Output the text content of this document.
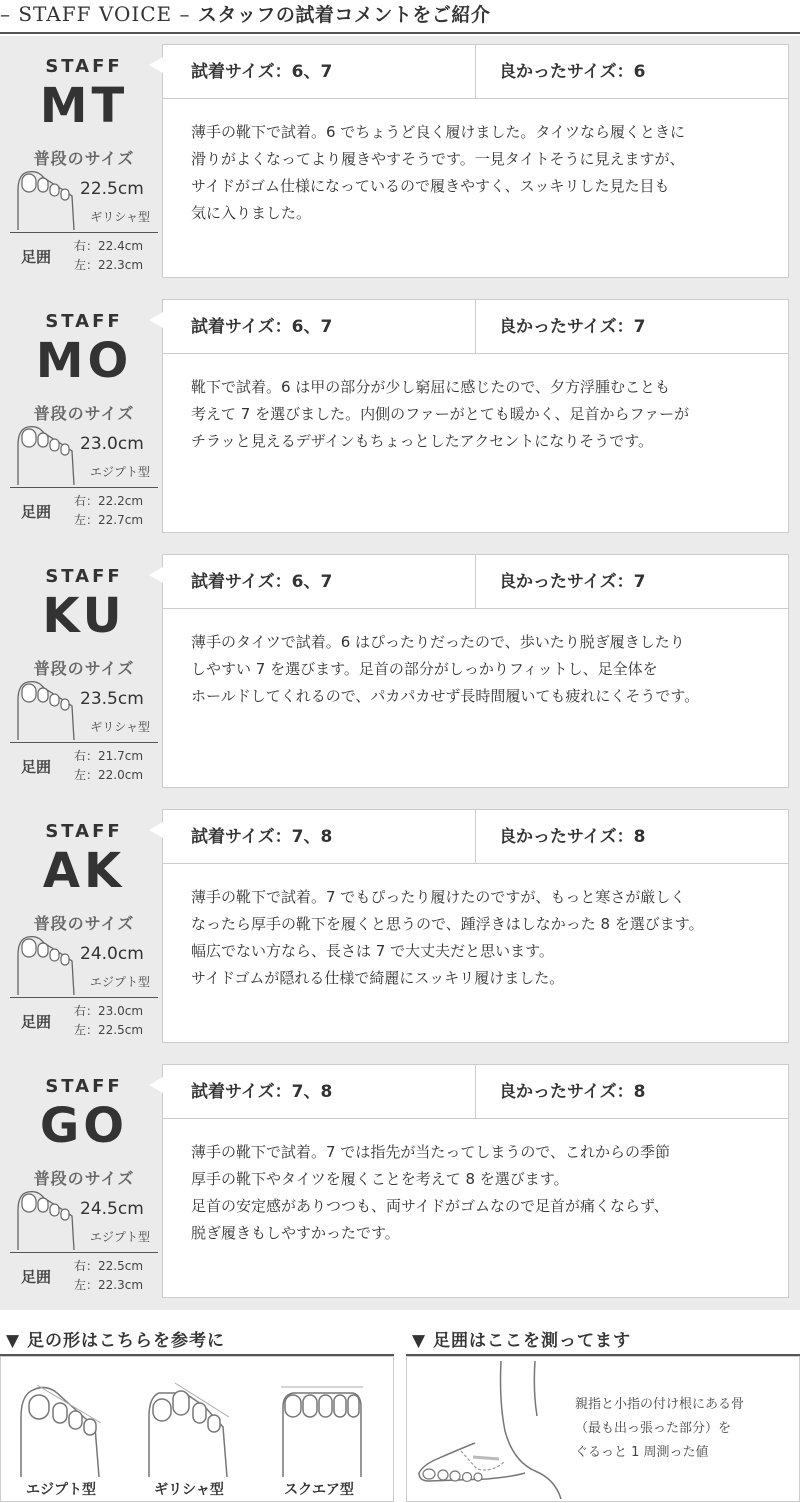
– STAFF VOICE – スタッフの試着コメントをご紹介
STAFF
MT
普段のサイズ
22.5cm
ギリシャ型
足囲
右：22.4cm
左：22.3cm
試着サイズ：6、7	良かったサイズ：6
薄手の靴下で試着。6 でちょうど良く履けました。タイツなら履くときに
滑りがよくなってより履きやすそうです。一見タイトそうに見えますが、
サイドがゴム仕様になっているので履きやすく、スッキリした見た目も
気に入りました。
STAFF
MO
普段のサイズ
23.0cm
エジプト型
足囲
右：22.2cm
左：22.7cm
試着サイズ：6、7	良かったサイズ：7
靴下で試着。6 は甲の部分が少し窮屈に感じたので、夕方浮腫むことも
考えて 7 を選びました。内側のファーがとても暖かく、足首からファーが
チラッと見えるデザインもちょっとしたアクセントになりそうです。
STAFF
KU
普段のサイズ
23.5cm
ギリシャ型
足囲
右：21.7cm
左：22.0cm
試着サイズ：6、7	良かったサイズ：7
薄手のタイツで試着。6 はぴったりだったので、歩いたり脱ぎ履きしたり
しやすい 7 を選びます。足首の部分がしっかりフィットし、足全体を
ホールドしてくれるので、パカパカせず長時間履いても疲れにくそうです。
STAFF
AK
普段のサイズ
24.0cm
エジプト型
足囲
右：23.0cm
左：22.5cm
試着サイズ：7、8	良かったサイズ：8
薄手の靴下で試着。7 でもぴったり履けたのですが、もっと寒さが厳しく
なったら厚手の靴下を履くと思うので、踵浮きはしなかった 8 を選びます。
幅広でない方なら、長さは 7 で大丈夫だと思います。
サイドゴムが隠れる仕様で綺麗にスッキリ履けました。
STAFF
GO
普段のサイズ
24.5cm
エジプト型
足囲
右：22.5cm
左：22.3cm
試着サイズ：7、8	良かったサイズ：8
薄手の靴下で試着。7 では指先が当たってしまうので、これからの季節
厚手の靴下やタイツを履くことを考えて 8 を選びます。
足首の安定感がありつつも、両サイドがゴムなので足首が痛くならず、
脱ぎ履きもしやすかったです。
▼ 足の形はこちらを参考に
エジプト型	ギリシャ型	スクエア型
▼ 足囲はここを測ってます
親指と小指の付け根にある骨
（最も出っ張った部分）を
ぐるっと 1 周測った値
